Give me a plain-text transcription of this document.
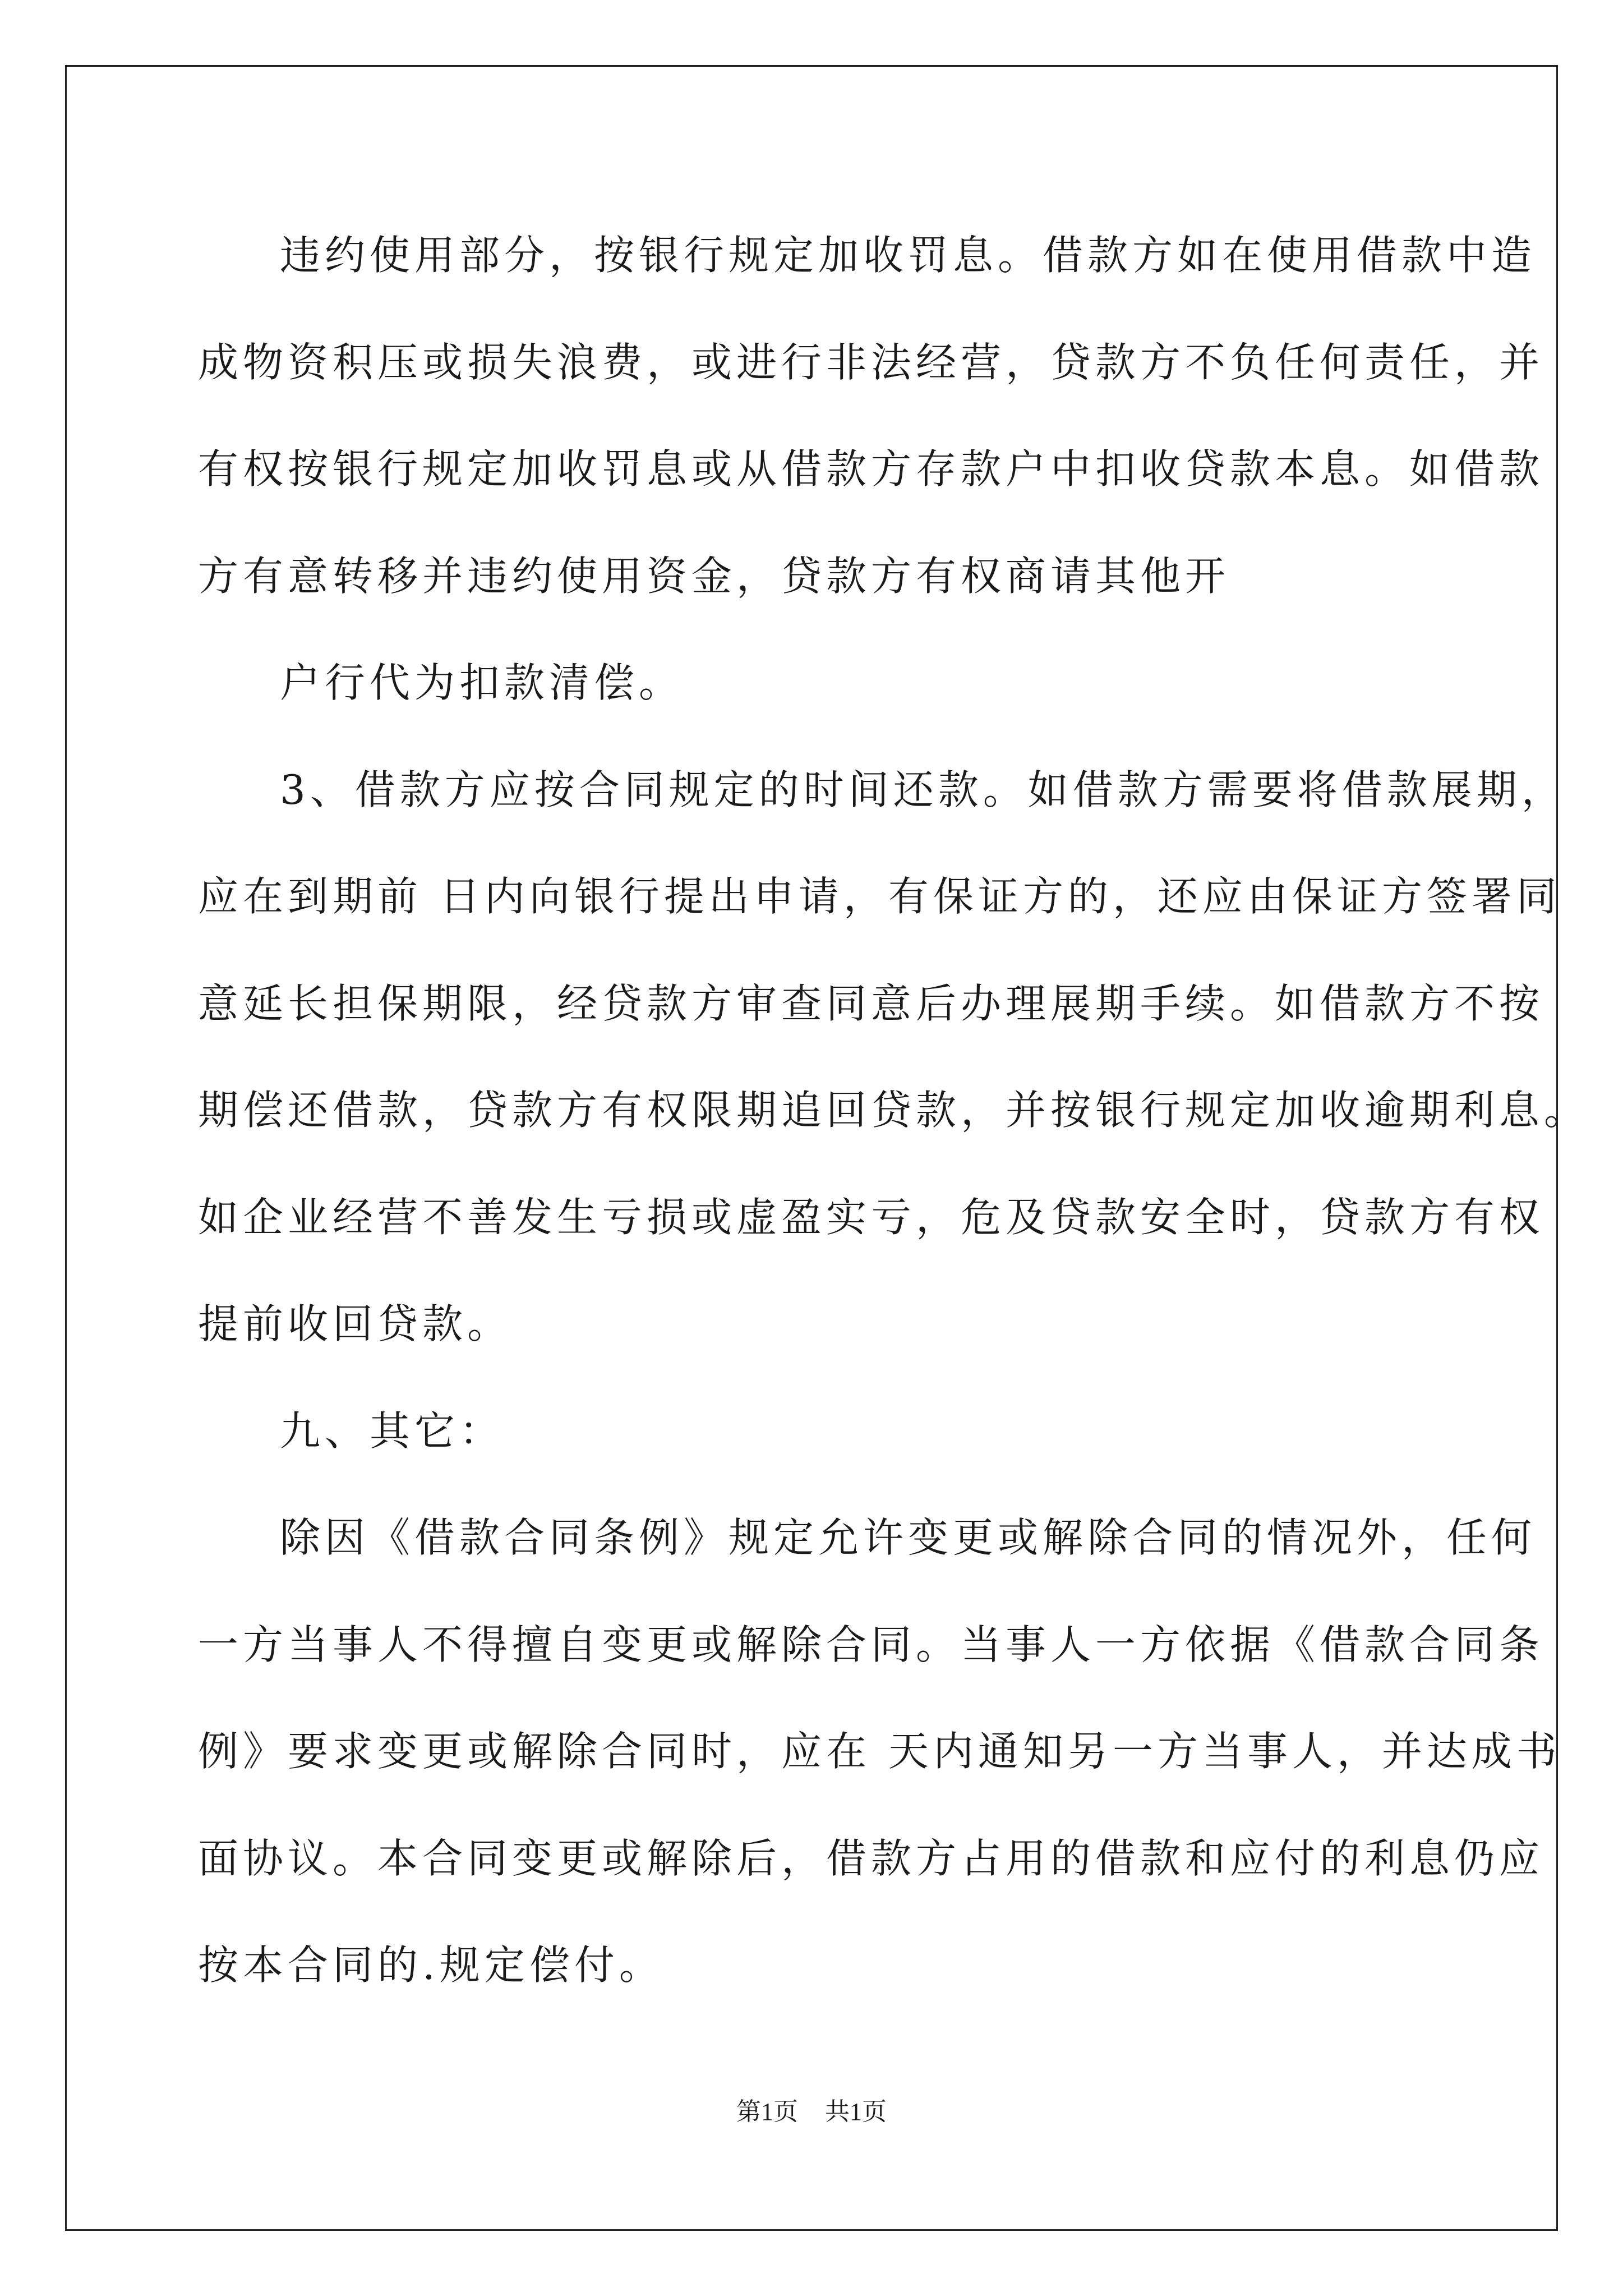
违约使用部分，按银行规定加收罚息。借款方如在使用借款中造

成物资积压或损失浪费，或进行非法经营，贷款方不负任何责任，并

有权按银行规定加收罚息或从借款方存款户中扣收贷款本息。如借款

方有意转移并违约使用资金，贷款方有权商请其他开

户行代为扣款清偿。

3、借款方应按合同规定的时间还款。如借款方需要将借款展期，

应在到期前 日内向银行提出申请，有保证方的，还应由保证方签署同

意延长担保期限，经贷款方审查同意后办理展期手续。如借款方不按

期偿还借款，贷款方有权限期追回贷款，并按银行规定加收逾期利息。

如企业经营不善发生亏损或虚盈实亏，危及贷款安全时，贷款方有权

提前收回贷款。

九、其它：

除因《借款合同条例》规定允许变更或解除合同的情况外，任何

一方当事人不得擅自变更或解除合同。当事人一方依据《借款合同条

例》要求变更或解除合同时，应在 天内通知另一方当事人，并达成书

面协议。本合同变更或解除后，借款方占用的借款和应付的利息仍应

按本合同的.规定偿付。

第1页 共1页
